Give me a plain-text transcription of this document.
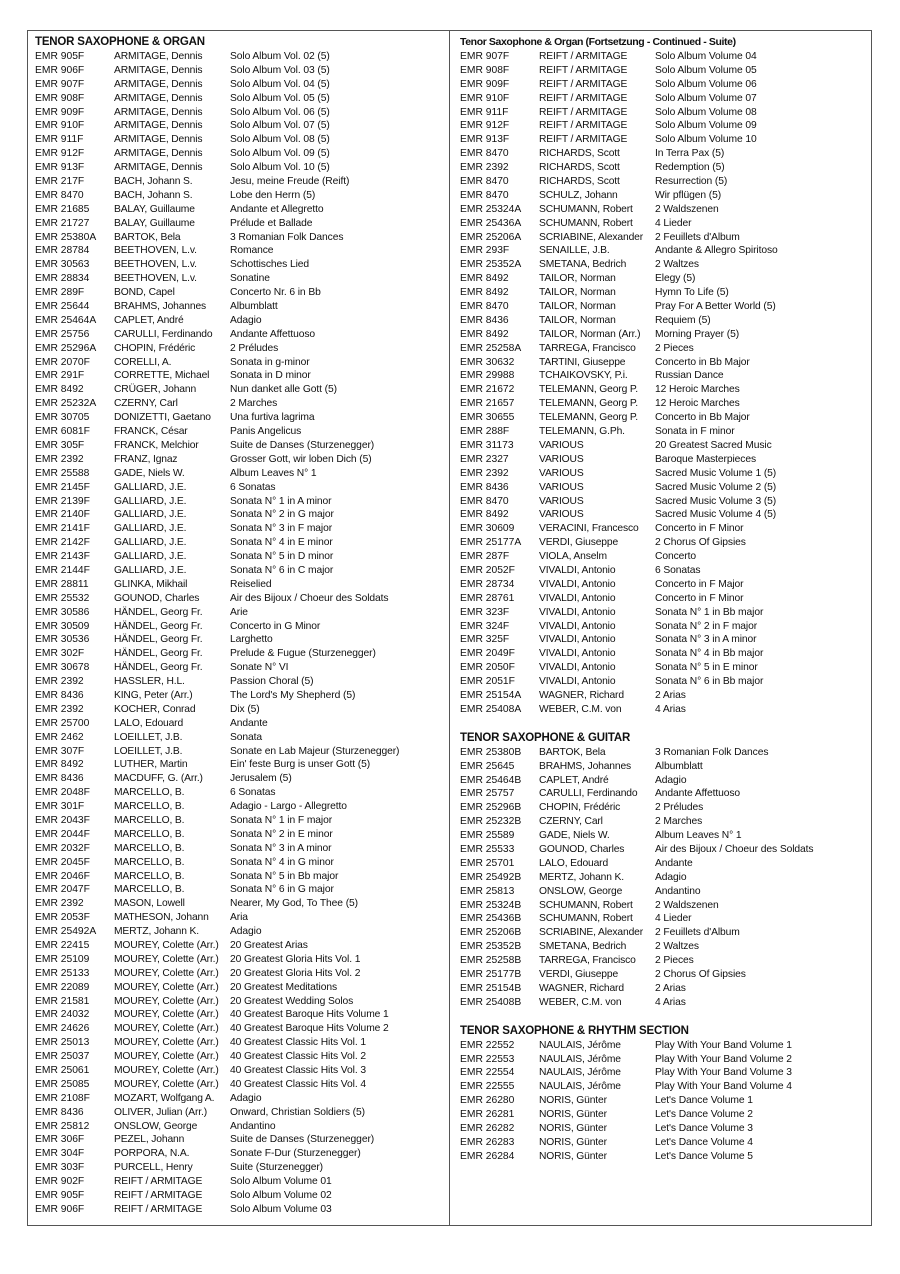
TENOR SAXOPHONE & ORGAN
EMR 905F	ARMITAGE, Dennis	Solo Album Vol. 02 (5)
EMR 906F	ARMITAGE, Dennis	Solo Album Vol. 03 (5)
EMR 907F	ARMITAGE, Dennis	Solo Album Vol. 04 (5)
EMR 908F	ARMITAGE, Dennis	Solo Album Vol. 05 (5)
EMR 909F	ARMITAGE, Dennis	Solo Album Vol. 06 (5)
EMR 910F	ARMITAGE, Dennis	Solo Album Vol. 07 (5)
EMR 911F	ARMITAGE, Dennis	Solo Album Vol. 08 (5)
EMR 912F	ARMITAGE, Dennis	Solo Album Vol. 09 (5)
EMR 913F	ARMITAGE, Dennis	Solo Album Vol. 10 (5)
EMR 217F	BACH, Johann S.	Jesu, meine Freude (Reift)
EMR 8470	BACH, Johann S.	Lobe den Herrn (5)
EMR 21685	BALAY, Guillaume	Andante et Allegretto
EMR 21727	BALAY, Guillaume	Prélude et Ballade
EMR 25380A	BARTOK, Bela	3 Romanian Folk Dances
EMR 28784	BEETHOVEN, L.v.	Romance
EMR 30563	BEETHOVEN, L.v.	Schottisches Lied
EMR 28834	BEETHOVEN, L.v.	Sonatine
EMR 289F	BOND, Capel	Concerto Nr. 6 in Bb
EMR 25644	BRAHMS, Johannes	Albumblatt
EMR 25464A	CAPLET, André	Adagio
EMR 25756	CARULLI, Ferdinando	Andante Affettuoso
EMR 25296A	CHOPIN, Frédéric	2 Préludes
EMR 2070F	CORELLI, A.	Sonata in g-minor
EMR 291F	CORRETTE, Michael	Sonata in D minor
EMR 8492	CRÜGER, Johann	Nun danket alle Gott (5)
EMR 25232A	CZERNY, Carl	2 Marches
EMR 30705	DONIZETTI, Gaetano	Una furtiva lagrima
EMR 6081F	FRANCK, César	Panis Angelicus
EMR 305F	FRANCK, Melchior	Suite de Danses (Sturzenegger)
EMR 2392	FRANZ, Ignaz	Grosser Gott, wir loben Dich (5)
EMR 25588	GADE, Niels W.	Album Leaves N° 1
EMR 2145F	GALLIARD, J.E.	6 Sonatas
EMR 2139F	GALLIARD, J.E.	Sonata N° 1 in A minor
EMR 2140F	GALLIARD, J.E.	Sonata N° 2 in G major
EMR 2141F	GALLIARD, J.E.	Sonata N° 3 in F major
EMR 2142F	GALLIARD, J.E.	Sonata N° 4 in E minor
EMR 2143F	GALLIARD, J.E.	Sonata N° 5 in D minor
EMR 2144F	GALLIARD, J.E.	Sonata N° 6 in C major
EMR 28811	GLINKA, Mikhail	Reiselied
EMR 25532	GOUNOD, Charles	Air des Bijoux / Choeur des Soldats
EMR 30586	HÄNDEL, Georg Fr.	Arie
EMR 30509	HÄNDEL, Georg Fr.	Concerto in G Minor
EMR 30536	HÄNDEL, Georg Fr.	Larghetto
EMR 302F	HÄNDEL, Georg Fr.	Prelude & Fugue (Sturzenegger)
EMR 30678	HÄNDEL, Georg Fr.	Sonate N° VI
EMR 2392	HASSLER, H.L.	Passion Choral (5)
EMR 8436	KING, Peter (Arr.)	The Lord's My Shepherd (5)
EMR 2392	KOCHER, Conrad	Dix (5)
EMR 25700	LALO, Edouard	Andante
EMR 2462	LOEILLET, J.B.	Sonata
EMR 307F	LOEILLET, J.B.	Sonate en Lab Majeur (Sturzenegger)
EMR 8492	LUTHER, Martin	Ein' feste Burg is unser Gott (5)
EMR 8436	MACDUFF, G. (Arr.)	Jerusalem (5)
EMR 2048F	MARCELLO, B.	6 Sonatas
EMR 301F	MARCELLO, B.	Adagio - Largo - Allegretto
EMR 2043F	MARCELLO, B.	Sonata N° 1 in F major
EMR 2044F	MARCELLO, B.	Sonata N° 2 in E minor
EMR 2032F	MARCELLO, B.	Sonata N° 3 in A minor
EMR 2045F	MARCELLO, B.	Sonata N° 4 in G minor
EMR 2046F	MARCELLO, B.	Sonata N° 5 in Bb major
EMR 2047F	MARCELLO, B.	Sonata N° 6 in G major
EMR 2392	MASON, Lowell	Nearer, My God, To Thee (5)
EMR 2053F	MATHESON, Johann	Aria
EMR 25492A	MERTZ, Johann K.	Adagio
EMR 22415	MOUREY, Colette (Arr.)	20 Greatest Arias
EMR 25109	MOUREY, Colette (Arr.)	20 Greatest Gloria Hits Vol. 1
EMR 25133	MOUREY, Colette (Arr.)	20 Greatest Gloria Hits Vol. 2
EMR 22089	MOUREY, Colette (Arr.)	20 Greatest Meditations
EMR 21581	MOUREY, Colette (Arr.)	20 Greatest Wedding Solos
EMR 24032	MOUREY, Colette (Arr.)	40 Greatest Baroque Hits Volume 1
EMR 24626	MOUREY, Colette (Arr.)	40 Greatest Baroque Hits Volume 2
EMR 25013	MOUREY, Colette (Arr.)	40 Greatest Classic Hits Vol. 1
EMR 25037	MOUREY, Colette (Arr.)	40 Greatest Classic Hits Vol. 2
EMR 25061	MOUREY, Colette (Arr.)	40 Greatest Classic Hits Vol. 3
EMR 25085	MOUREY, Colette (Arr.)	40 Greatest Classic Hits Vol. 4
EMR 2108F	MOZART, Wolfgang A.	Adagio
EMR 8436	OLIVER, Julian (Arr.)	Onward, Christian Soldiers (5)
EMR 25812	ONSLOW, George	Andantino
EMR 306F	PEZEL, Johann	Suite de Danses (Sturzenegger)
EMR 304F	PORPORA, N.A.	Sonate F-Dur (Sturzenegger)
EMR 303F	PURCELL, Henry	Suite (Sturzenegger)
EMR 902F	REIFT / ARMITAGE	Solo Album Volume 01
EMR 905F	REIFT / ARMITAGE	Solo Album Volume 02
EMR 906F	REIFT / ARMITAGE	Solo Album Volume 03
Tenor Saxophone & Organ (Fortsetzung - Continued - Suite)
EMR 907F	REIFT / ARMITAGE	Solo Album Volume 04
EMR 908F	REIFT / ARMITAGE	Solo Album Volume 05
EMR 909F	REIFT / ARMITAGE	Solo Album Volume 06
EMR 910F	REIFT / ARMITAGE	Solo Album Volume 07
EMR 911F	REIFT / ARMITAGE	Solo Album Volume 08
EMR 912F	REIFT / ARMITAGE	Solo Album Volume 09
EMR 913F	REIFT / ARMITAGE	Solo Album Volume 10
EMR 8470	RICHARDS, Scott	In Terra Pax (5)
EMR 2392	RICHARDS, Scott	Redemption (5)
EMR 8470	RICHARDS, Scott	Resurrection (5)
EMR 8470	SCHULZ, Johann	Wir pflügen (5)
EMR 25324A	SCHUMANN, Robert	2 Waldszenen
EMR 25436A	SCHUMANN, Robert	4 Lieder
EMR 25206A	SCRIABINE, Alexander	2 Feuillets d'Album
EMR 293F	SENAILLE, J.B.	Andante & Allegro Spiritoso
EMR 25352A	SMETANA, Bedrich	2 Waltzes
EMR 8492	TAILOR, Norman	Elegy (5)
EMR 8492	TAILOR, Norman	Hymn To Life (5)
EMR 8470	TAILOR, Norman	Pray For A Better World (5)
EMR 8436	TAILOR, Norman	Requiem (5)
EMR 8492	TAILOR, Norman (Arr.)	Morning Prayer (5)
EMR 25258A	TARREGA, Francisco	2 Pieces
EMR 30632	TARTINI, Giuseppe	Concerto in Bb Major
EMR 29988	TCHAIKOVSKY, P.i.	Russian Dance
EMR 21672	TELEMANN, Georg P.	12 Heroic Marches
EMR 21657	TELEMANN, Georg P.	12 Heroic Marches
EMR 30655	TELEMANN, Georg P.	Concerto in Bb Major
EMR 288F	TELEMANN, G.Ph.	Sonata in F minor
EMR 31173	VARIOUS	20 Greatest Sacred Music
EMR 2327	VARIOUS	Baroque Masterpieces
EMR 2392	VARIOUS	Sacred Music Volume 1 (5)
EMR 8436	VARIOUS	Sacred Music Volume 2 (5)
EMR 8470	VARIOUS	Sacred Music Volume 3 (5)
EMR 8492	VARIOUS	Sacred Music Volume 4 (5)
EMR 30609	VERACINI, Francesco	Concerto in F Minor
EMR 25177A	VERDI, Giuseppe	2 Chorus Of Gipsies
EMR 287F	VIOLA, Anselm	Concerto
EMR 2052F	VIVALDI, Antonio	6 Sonatas
EMR 28734	VIVALDI, Antonio	Concerto in F Major
EMR 28761	VIVALDI, Antonio	Concerto in F Minor
EMR 323F	VIVALDI, Antonio	Sonata N° 1 in Bb major
EMR 324F	VIVALDI, Antonio	Sonata N° 2 in F major
EMR 325F	VIVALDI, Antonio	Sonata N° 3 in A minor
EMR 2049F	VIVALDI, Antonio	Sonata N° 4 in Bb major
EMR 2050F	VIVALDI, Antonio	Sonata N° 5 in E minor
EMR 2051F	VIVALDI, Antonio	Sonata N° 6 in Bb major
EMR 25154A	WAGNER, Richard	2 Arias
EMR 25408A	WEBER, C.M. von	4 Arias
TENOR SAXOPHONE & GUITAR
EMR 25380B	BARTOK, Bela	3 Romanian Folk Dances
EMR 25645	BRAHMS, Johannes	Albumblatt
EMR 25464B	CAPLET, André	Adagio
EMR 25757	CARULLI, Ferdinando	Andante Affettuoso
EMR 25296B	CHOPIN, Frédéric	2 Préludes
EMR 25232B	CZERNY, Carl	2 Marches
EMR 25589	GADE, Niels W.	Album Leaves N° 1
EMR 25533	GOUNOD, Charles	Air des Bijoux / Choeur des Soldats
EMR 25701	LALO, Edouard	Andante
EMR 25492B	MERTZ, Johann K.	Adagio
EMR 25813	ONSLOW, George	Andantino
EMR 25324B	SCHUMANN, Robert	2 Waldszenen
EMR 25436B	SCHUMANN, Robert	4 Lieder
EMR 25206B	SCRIABINE, Alexander	2 Feuillets d'Album
EMR 25352B	SMETANA, Bedrich	2 Waltzes
EMR 25258B	TARREGA, Francisco	2 Pieces
EMR 25177B	VERDI, Giuseppe	2 Chorus Of Gipsies
EMR 25154B	WAGNER, Richard	2 Arias
EMR 25408B	WEBER, C.M. von	4 Arias
TENOR SAXOPHONE & RHYTHM SECTION
EMR 22552	NAULAIS, Jérôme	Play With Your Band Volume 1
EMR 22553	NAULAIS, Jérôme	Play With Your Band Volume 2
EMR 22554	NAULAIS, Jérôme	Play With Your Band Volume 3
EMR 22555	NAULAIS, Jérôme	Play With Your Band Volume 4
EMR 26280	NORIS, Günter	Let's Dance Volume 1
EMR 26281	NORIS, Günter	Let's Dance Volume 2
EMR 26282	NORIS, Günter	Let's Dance Volume 3
EMR 26283	NORIS, Günter	Let's Dance Volume 4
EMR 26284	NORIS, Günter	Let's Dance Volume 5
